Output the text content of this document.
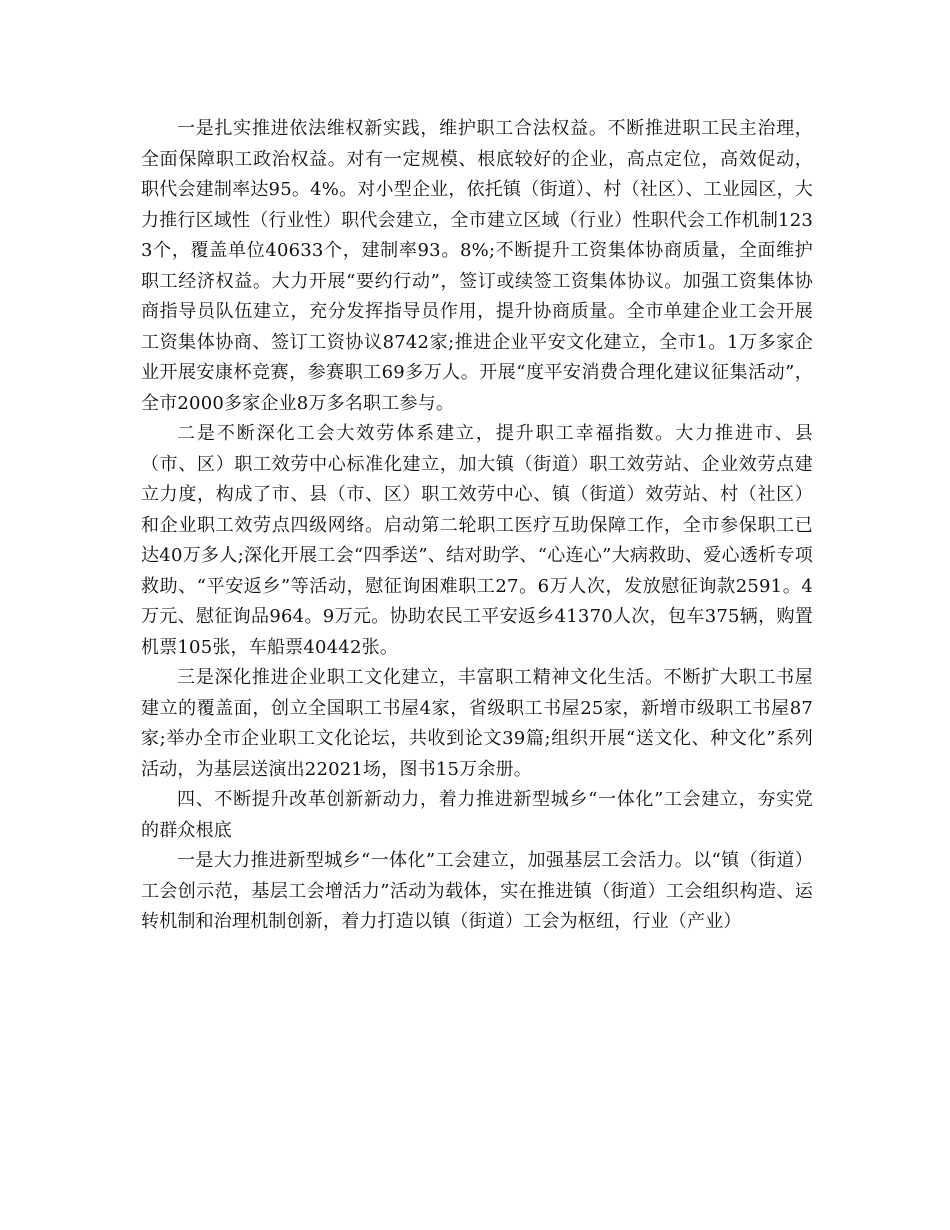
一是扎实推进依法维权新实践，维护职工合法权益。不断推进职工民主治理，全面保障职工政治权益。对有一定规模、根底较好的企业，高点定位，高效促动，职代会建制率达95。4%。对小型企业，依托镇（街道）、村（社区）、工业园区，大力推行区域性（行业性）职代会建立，全市建立区域（行业）性职代会工作机制1233个，覆盖单位40633个，建制率93。8%;不断提升工资集体协商质量，全面维护职工经济权益。大力开展“要约行动”，签订或续签工资集体协议。加强工资集体协商指导员队伍建立，充分发挥指导员作用，提升协商质量。全市单建企业工会开展工资集体协商、签订工资协议8742家;推进企业平安文化建立，全市1。1万多家企业开展安康杯竞赛，参赛职工69多万人。开展“度平安消费合理化建议征集活动”，全市2000多家企业8万多名职工参与。

二是不断深化工会大效劳体系建立，提升职工幸福指数。大力推进市、县（市、区）职工效劳中心标准化建立，加大镇（街道）职工效劳站、企业效劳点建立力度，构成了市、县（市、区）职工效劳中心、镇（街道）效劳站、村（社区）和企业职工效劳点四级网络。启动第二轮职工医疗互助保障工作，全市参保职工已达40万多人;深化开展工会“四季送”、结对助学、“心连心”大病救助、爱心透析专项救助、“平安返乡”等活动，慰征询困难职工27。6万人次，发放慰征询款2591。4万元、慰征询品964。9万元。协助农民工平安返乡41370人次，包车375辆，购置机票105张，车船票40442张。

三是深化推进企业职工文化建立，丰富职工精神文化生活。不断扩大职工书屋建立的覆盖面，创立全国职工书屋4家，省级职工书屋25家，新增市级职工书屋87家;举办全市企业职工文化论坛，共收到论文39篇;组织开展“送文化、种文化”系列活动，为基层送演出22021场，图书15万余册。

四、不断提升改革创新新动力，着力推进新型城乡“一体化”工会建立，夯实党的群众根底

一是大力推进新型城乡“一体化”工会建立，加强基层工会活力。以“镇（街道）工会创示范，基层工会增活力”活动为载体，实在推进镇（街道）工会组织构造、运转机制和治理机制创新，着力打造以镇（街道）工会为枢纽，行业（产业）
